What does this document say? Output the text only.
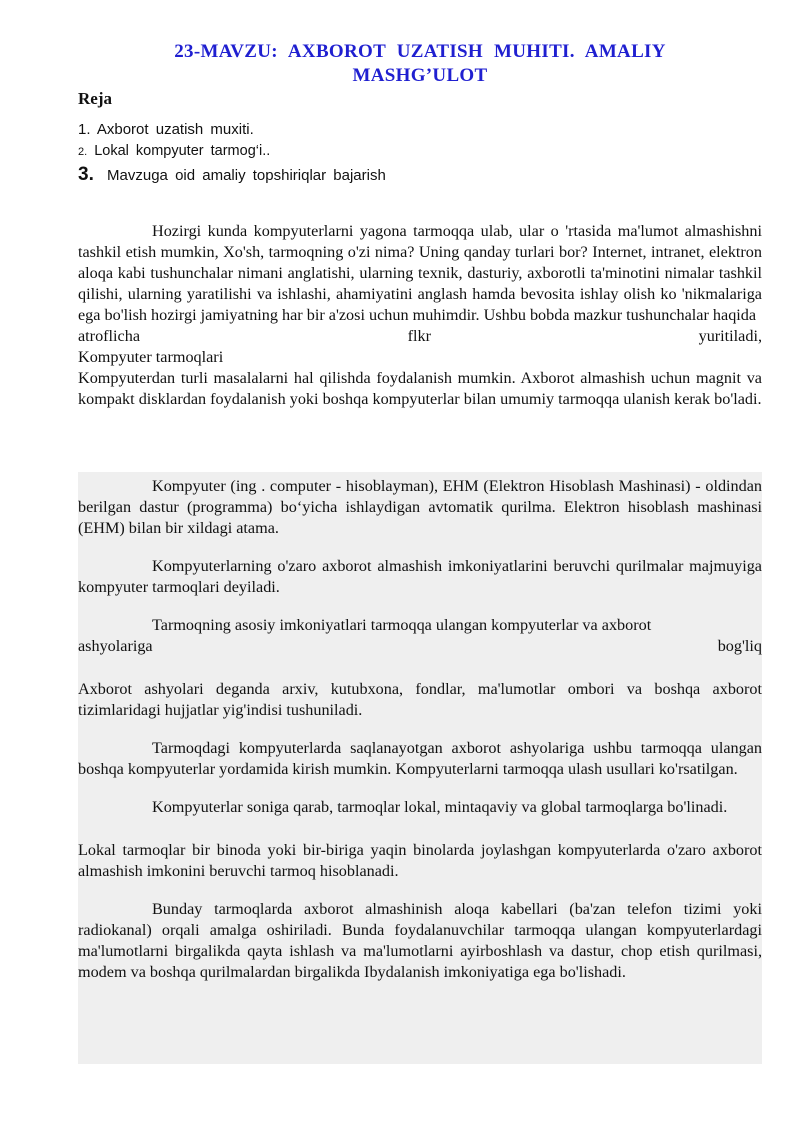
23-MAVZU: AXBOROT UZATISH MUHITI. AMALIY
MASHG’ULOT
Reja
1. Axborot uzatish muxiti.
2. Lokal kompyuter tarmog‘i..
3. Mavzuga oid amaliy topshiriqlar bajarish

Hozirgi kunda kompyuterlarni yagona tarmoqqa ulab, ular o 'rtasida ma'lumot almashishni tashkil etish mumkin, Xo'sh, tarmoqning o'zi nima? Uning qanday turlari bor? Internet, intranet, elektron aloqa kabi tushunchalar nimani anglatishi, ularning texnik, dasturiy, axborotli ta'minotini nimalar tashkil qilishi, ularning yaratilishi va ishlashi, ahamiyatini anglash hamda bevosita ishlay olish ko 'nikmalariga ega bo'lish hozirgi jamiyatning har bir a'zosi uchun muhimdir. Ushbu bobda mazkur tushunchalar haqida

atroflicha	flkr	yuritiladi,

Kompyuter tarmoqlari

Kompyuterdan turli masalalarni hal qilishda foydalanish mumkin. Axborot almashish uchun magnit va kompakt disklardan foydalanish yoki boshqa kompyuterlar bilan umumiy tarmoqqa ulanish kerak bo'ladi.

Kompyuter (ing . computer - hisoblayman), EHM (Elektron Hisoblash Mashinasi) - oldindan berilgan dastur (programma) bo‘yicha ishlaydigan avtomatik qurilma. Elektron hisoblash mashinasi (EHM) bilan bir xildagi atama.

Kompyuterlarning o'zaro axborot almashish imkoniyatlarini beruvchi qurilmalar majmuyiga kompyuter tarmoqlari deyiladi.

Tarmoqning asosiy imkoniyatlari tarmoqqa ulangan kompyuterlar va axborot

ashyolariga	bog'liq

Axborot ashyolari deganda arxiv, kutubxona, fondlar, ma'lumotlar ombori va boshqa axborot tizimlaridagi hujjatlar yig'indisi tushuniladi.

Tarmoqdagi kompyuterlarda saqlanayotgan axborot ashyolariga ushbu tarmoqqa ulangan boshqa kompyuterlar yordamida kirish mumkin. Kompyuterlarni tarmoqqa ulash usullari ko'rsatilgan.

Kompyuterlar soniga qarab, tarmoqlar lokal, mintaqaviy va global tarmoqlarga bo'linadi.

Lokal tarmoqlar bir binoda yoki bir-biriga yaqin binolarda joylashgan kompyuterlarda o'zaro axborot almashish imkonini beruvchi tarmoq hisoblanadi.

Bunday tarmoqlarda axborot almashinish aloqa kabellari (ba'zan telefon tizimi yoki radiokanal) orqali amalga oshiriladi. Bunda foydalanuvchilar tarmoqqa ulangan kompyuterlardagi ma'lumotlarni birgalikda qayta ishlash va ma'lumotlarni ayirboshlash va dastur, chop etish qurilmasi, modem va boshqa qurilmalardan birgalikda Ibydalanish imkoniyatiga ega bo'lishadi.
